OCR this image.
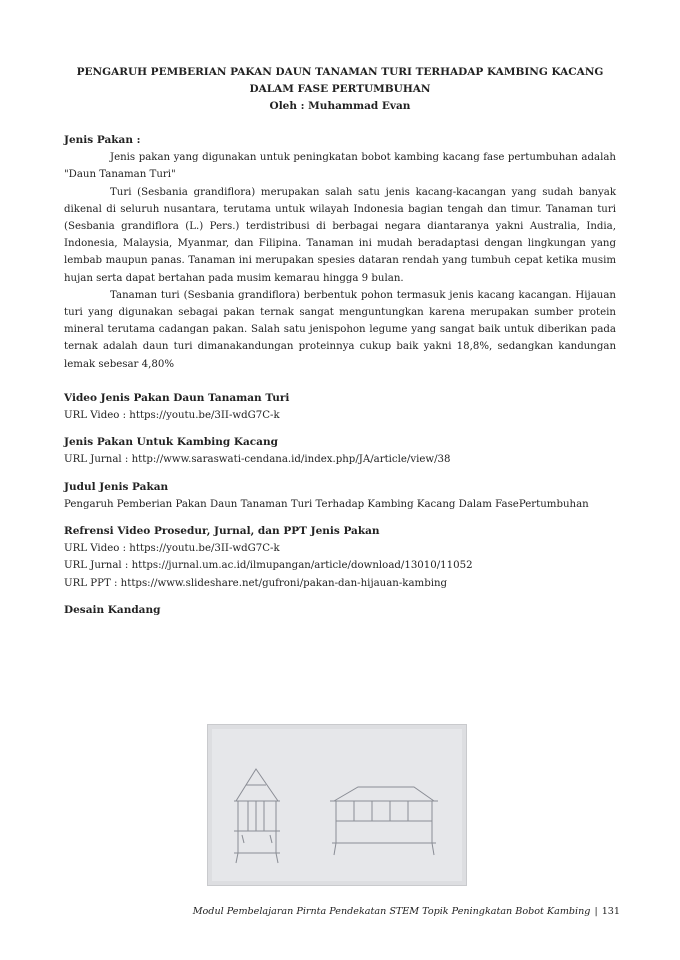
PENGARUH PEMBERIAN PAKAN DAUN TANAMAN TURI TERHADAP KAMBING KACANG
DALAM FASE PERTUMBUHAN
Oleh : Muhammad Evan
Jenis Pakan :

Jenis pakan yang digunakan untuk peningkatan bobot kambing kacang fase pertumbuhan adalah "Daun Tanaman Turi"

Turi (Sesbania grandiflora) merupakan salah satu jenis kacang-kacangan yang sudah banyak dikenal di seluruh nusantara, terutama untuk wilayah Indonesia bagian tengah dan timur. Tanaman turi (Sesbania grandiflora (L.) Pers.) terdistribusi di berbagai negara diantaranya yakni Australia, India, Indonesia, Malaysia, Myanmar, dan Filipina. Tanaman ini mudah beradaptasi dengan lingkungan yang lembab maupun panas. Tanaman ini merupakan spesies dataran rendah yang tumbuh cepat ketika musim hujan serta dapat bertahan pada musim kemarau hingga 9 bulan.

Tanaman turi (Sesbania grandiflora) berbentuk pohon termasuk jenis kacang kacangan. Hijauan turi yang digunakan sebagai pakan ternak sangat menguntungkan karena merupakan sumber protein mineral terutama cadangan pakan. Salah satu jenispohon legume yang sangat baik untuk diberikan pada ternak adalah daun turi dimanakandungan proteinnya cukup baik yakni 18,8%, sedangkan kandungan lemak sebesar 4,80%

Video Jenis Pakan Daun Tanaman Turi
URL Video : https://youtu.be/3II-wdG7C-k
Jenis Pakan Untuk Kambing Kacang
URL Jurnal : http://www.saraswati-cendana.id/index.php/JA/article/view/38
Judul Jenis Pakan
Pengaruh Pemberian Pakan Daun Tanaman Turi Terhadap Kambing Kacang Dalam FasePertumbuhan
Refrensi Video Prosedur, Jurnal, dan PPT Jenis Pakan
URL Video : https://youtu.be/3II-wdG7C-k
URL Jurnal : https://jurnal.um.ac.id/ilmupangan/article/download/13010/11052
URL PPT : https://www.slideshare.net/gufroni/pakan-dan-hijauan-kambing
Desain Kandang
Modul Pembelajaran Pirnta Pendekatan STEM Topik Peningkatan Bobot Kambing | 131
